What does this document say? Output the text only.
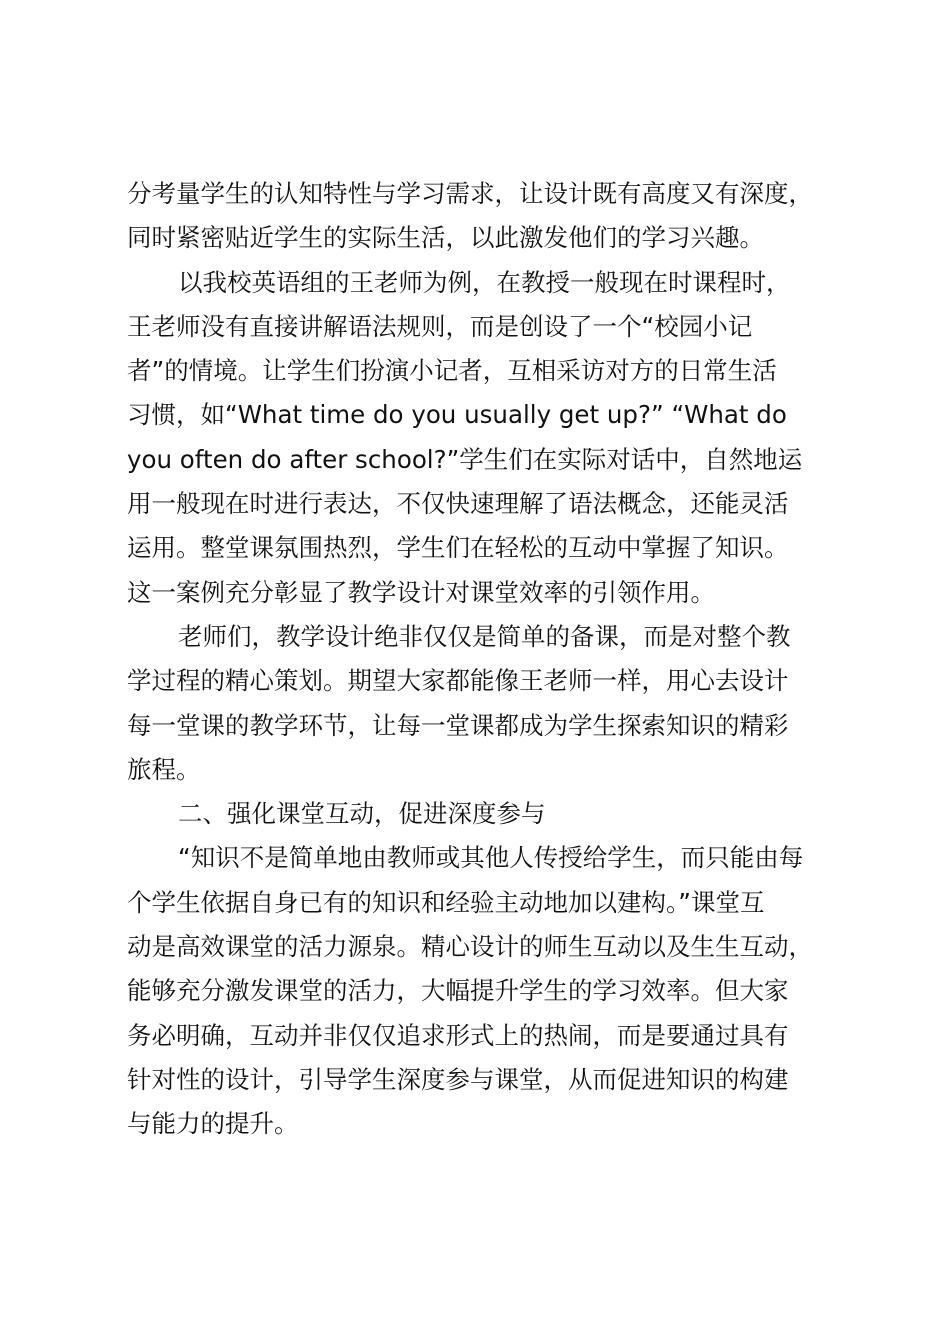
分考量学生的认知特性与学习需求，让设计既有高度又有深度，
同时紧密贴近学生的实际生活，以此激发他们的学习兴趣。
以我校英语组的王老师为例，在教授一般现在时课程时，
王老师没有直接讲解语法规则，而是创设了一个“校园小记
者”的情境。让学生们扮演小记者，互相采访对方的日常生活
习惯，如“What time do you usually get up?” “What do
you often do after school?”学生们在实际对话中，自然地运
用一般现在时进行表达，不仅快速理解了语法概念，还能灵活
运用。整堂课氛围热烈，学生们在轻松的互动中掌握了知识。
这一案例充分彰显了教学设计对课堂效率的引领作用。
老师们，教学设计绝非仅仅是简单的备课，而是对整个教
学过程的精心策划。期望大家都能像王老师一样，用心去设计
每一堂课的教学环节，让每一堂课都成为学生探索知识的精彩
旅程。
二、强化课堂互动，促进深度参与
“知识不是简单地由教师或其他人传授给学生，而只能由每
个学生依据自身已有的知识和经验主动地加以建构。”课堂互
动是高效课堂的活力源泉。精心设计的师生互动以及生生互动，
能够充分激发课堂的活力，大幅提升学生的学习效率。但大家
务必明确，互动并非仅仅追求形式上的热闹，而是要通过具有
针对性的设计，引导学生深度参与课堂，从而促进知识的构建
与能力的提升。
